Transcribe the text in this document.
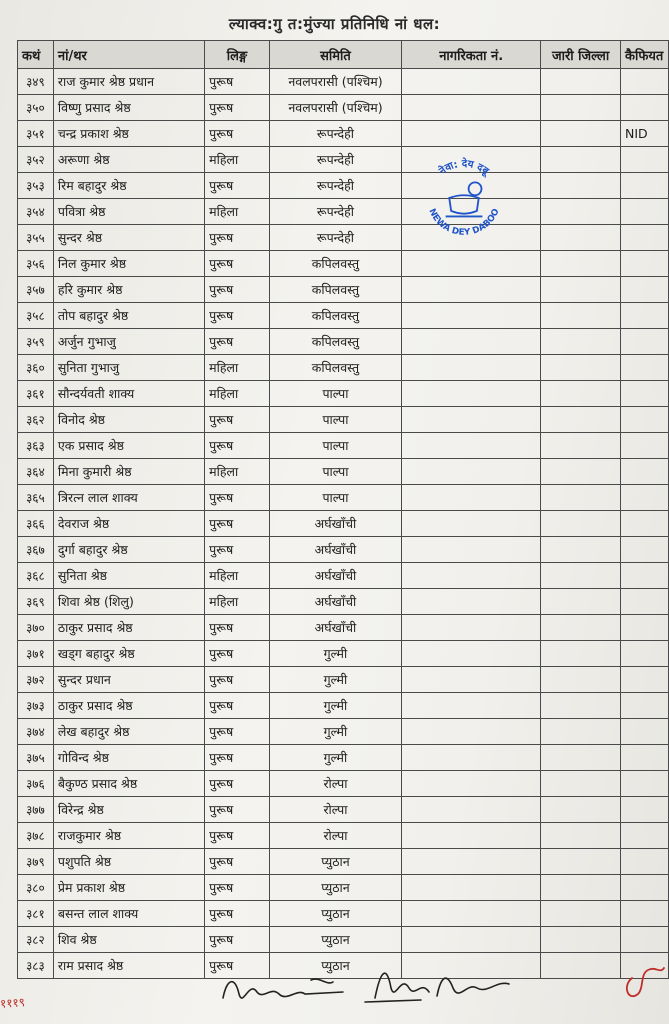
ल्याक्व:गु त:मुंज्या प्रतिनिधि नां धल:
कथं	नां/थर	लिङ्ग	समिति	नागरिकता नं.	जारी जिल्ला	कैफियत
३४९	राज कुमार श्रेष्ठ प्रधान	पुरूष	नवलपरासी (पश्चिम)			
३५०	विष्णु प्रसाद श्रेष्ठ	पुरूष	नवलपरासी (पश्चिम)			
३५१	चन्द्र प्रकाश श्रेष्ठ	पुरूष	रूपन्देही			NID
३५२	अरूणा श्रेष्ठ	महिला	रूपन्देही			
३५३	रिम बहादुर श्रेष्ठ	पुरूष	रूपन्देही			
३५४	पवित्रा श्रेष्ठ	महिला	रूपन्देही			
३५५	सुन्दर श्रेष्ठ	पुरूष	रूपन्देही			
३५६	निल कुमार श्रेष्ठ	पुरूष	कपिलवस्तु			
३५७	हरि कुमार श्रेष्ठ	पुरूष	कपिलवस्तु			
३५८	तोप बहादुर श्रेष्ठ	पुरूष	कपिलवस्तु			
३५९	अर्जुन गुभाजु	पुरूष	कपिलवस्तु			
३६०	सुनिता गुभाजु	महिला	कपिलवस्तु			
३६१	सौन्दर्यवती शाक्य	महिला	पाल्पा			
३६२	विनोद श्रेष्ठ	पुरूष	पाल्पा			
३६३	एक प्रसाद श्रेष्ठ	पुरूष	पाल्पा			
३६४	मिना कुमारी श्रेष्ठ	महिला	पाल्पा			
३६५	त्रिरत्न लाल शाक्य	पुरूष	पाल्पा			
३६६	देवराज श्रेष्ठ	पुरूष	अर्घखाँची			
३६७	दुर्गा बहादुर श्रेष्ठ	पुरूष	अर्घखाँची			
३६८	सुनिता श्रेष्ठ	महिला	अर्घखाँची			
३६९	शिवा श्रेष्ठ (शिलु)	महिला	अर्घखाँची			
३७०	ठाकुर प्रसाद श्रेष्ठ	पुरूष	अर्घखाँची			
३७१	खड्ग बहादुर श्रेष्ठ	पुरूष	गुल्मी			
३७२	सुन्दर प्रधान	पुरूष	गुल्मी			
३७३	ठाकुर प्रसाद श्रेष्ठ	पुरूष	गुल्मी			
३७४	लेख बहादुर श्रेष्ठ	पुरूष	गुल्मी			
३७५	गोविन्द श्रेष्ठ	पुरूष	गुल्मी			
३७६	बैकुण्ठ प्रसाद श्रेष्ठ	पुरूष	रोल्पा			
३७७	विरेन्द्र श्रेष्ठ	पुरूष	रोल्पा			
३७८	राजकुमार श्रेष्ठ	पुरूष	रोल्पा			
३७९	पशुपति श्रेष्ठ	पुरूष	प्युठान			
३८०	प्रेम प्रकाश श्रेष्ठ	पुरूष	प्युठान			
३८१	बसन्त लाल शाक्य	पुरूष	प्युठान			
३८२	शिव श्रेष्ठ	पुरूष	प्युठान			
३८३	राम प्रसाद श्रेष्ठ	पुरूष	प्युठान			
नेवा: देय दबू
NEWA DEY DABOO
१११९
